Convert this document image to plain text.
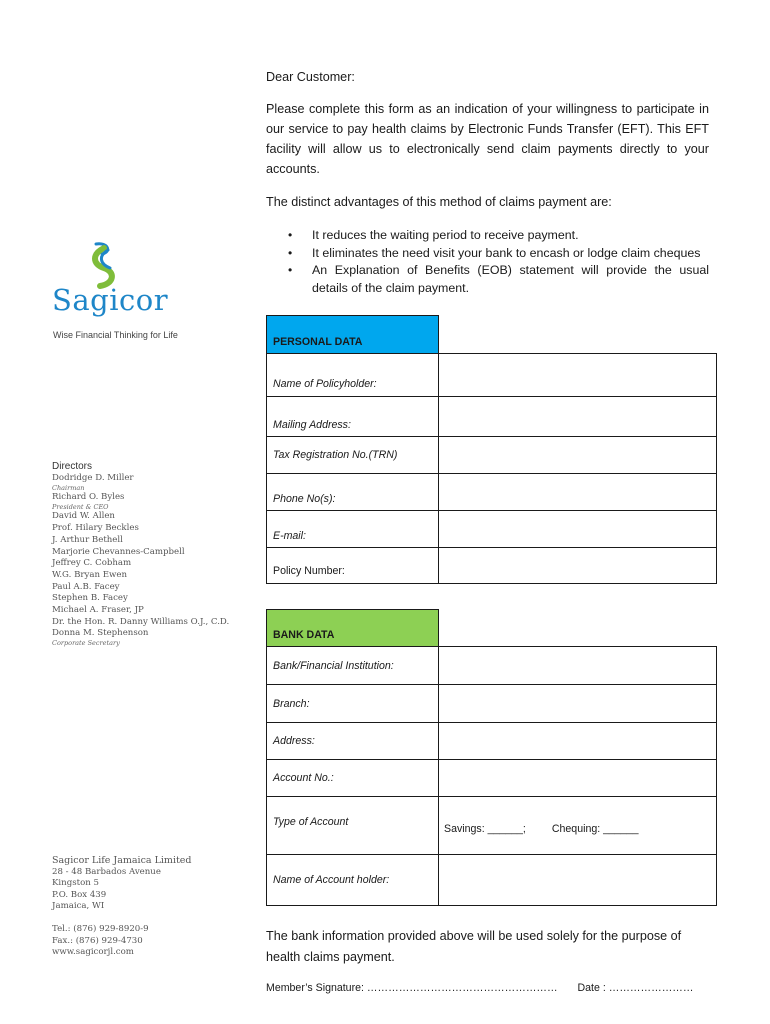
Sagicor
Wise Financial Thinking for Life
Directors
Dodridge D. Miller
Chairman
Richard O. Byles
President & CEO
David W. Allen
Prof. Hilary Beckles
J. Arthur Bethell
Marjorie Chevannes-Campbell
Jeffrey C. Cobham
W.G. Bryan Ewen
Paul A.B. Facey
Stephen B. Facey
Michael A. Fraser, JP
Dr. the Hon. R. Danny Williams O.J., C.D.
Donna M. Stephenson
Corporate Secretary
Sagicor Life Jamaica Limited
28 - 48 Barbados Avenue
Kingston 5
P.O. Box 439
Jamaica, WI
Tel.: (876) 929-8920-9
Fax.: (876) 929-4730
www.sagicorjl.com
Dear Customer:
Please complete this form as an indication of your willingness to participate in our service to pay health claims by Electronic Funds Transfer (EFT). This EFT facility will allow us to electronically send claim payments directly to your accounts.
The distinct advantages of this method of claims payment are:
• It reduces the waiting period to receive payment.
• It eliminates the need visit your bank to encash or lodge claim cheques
• An Explanation of Benefits (EOB) statement will provide the usual details of the claim payment.
PERSONAL DATA	
Name of Policyholder:	
Mailing Address:	
Tax Registration No.(TRN)	
Phone No(s):	
E-mail:	
Policy Number:	
BANK DATA	
Bank/Financial Institution:	
Branch:	
Address:	
Account No.:	
Type of Account	Savings: ______; Chequing: ______

Name of Account holder:	
The bank information provided above will be used solely for the purpose of health claims payment.
Member’s Signature: ……………………………………………… Date : ……………………
